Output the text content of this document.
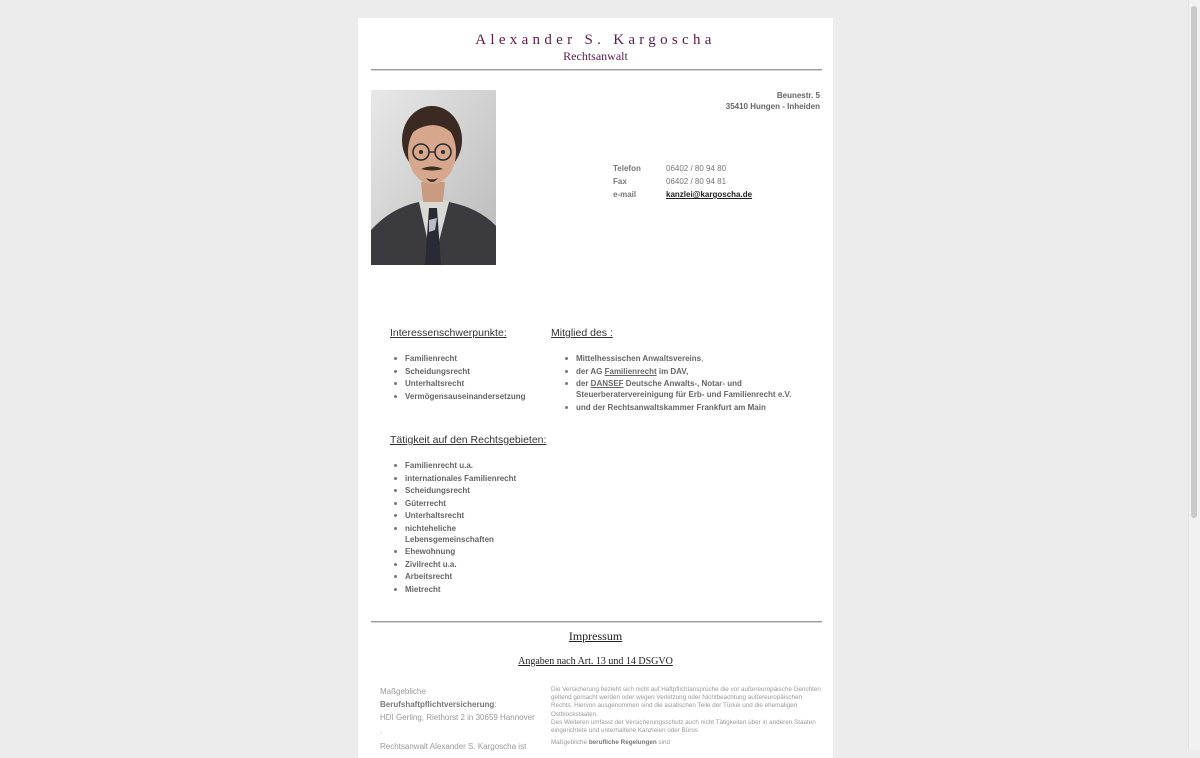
Alexander S. Kargoscha
Rechtsanwalt
Beunestr. 5
35410 Hungen - Inheiden
Telefon	06402 / 80 94 80
Fax	06402 / 80 94 81
e-mail	kanzlei@kargoscha.de
Interessenschwerpunkte:
Familienrecht
Scheidungsrecht
Unterhaltsrecht
Vermögensauseinandersetzung
Mitglied des :
Mittelhessischen Anwaltsvereins,
der AG Familienrecht im DAV,
der DANSEF Deutsche Anwalts-, Notar- und Steuerberatervereinigung für Erb- und Familienrecht e.V.
und der Rechtsanwaltskammer Frankfurt am Main
Tätigkeit auf den Rechtsgebieten:
Familienrecht u.a.
internationales Familienrecht
Scheidungsrecht
Güterrecht
Unterhaltsrecht
nichteheliche Lebensgemeinschaften
Ehewohnung
Zivilrecht u.a.
Arbeitsrecht
Mietrecht
Impressum
Angaben nach Art. 13 und 14 DSGVO
Maßgebliche
Berufshaftpflichtversicherung:
HDI Gerling, Riethorst 2 in 30659 Hannover
.
Rechtsanwalt Alexander S. Kargoscha ist
Die Versicherung bezieht sich nicht auf Haftpflichtansprüche die vor außereuropäische Gerichten geltend gemacht werden oder wegen Verletzung oder Nichtbeachtung außereuropäischen Rechts. Hiervon ausgenommen sind die asiatischen Teile der Türkei und die ehemaligen Ostblockstaaten.
Des Weiteren umfasst der Versicherungsschutz auch nicht Tätigkeiten über in anderen Staaten eingerichtete und unterhaltene Kanzleien oder Büros
Maßgebliche berufliche Regelungen sind
